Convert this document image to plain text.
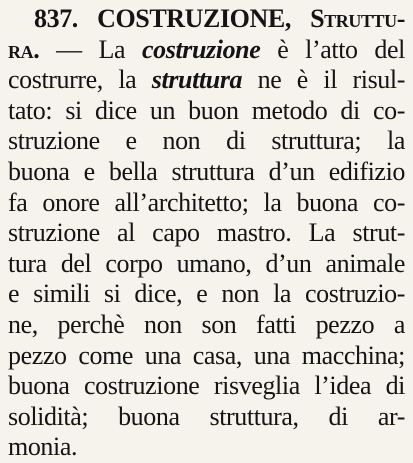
837. COSTRUZIONE, Struttu-
ra. — La costruzione è l’atto del
costrurre, la struttura ne è il risul-
tato: si dice un buon metodo di co-
struzione e non di struttura; la
buona e bella struttura d’un edifizio
fa onore all’architetto; la buona co-
struzione al capo mastro. La strut-
tura del corpo umano, d’un animale
e simili si dice, e non la costruzio-
ne, perchè non son fatti pezzo a
pezzo come una casa, una macchina;
buona costruzione risveglia l’idea di
solidità; buona struttura, di ar-
monia.
